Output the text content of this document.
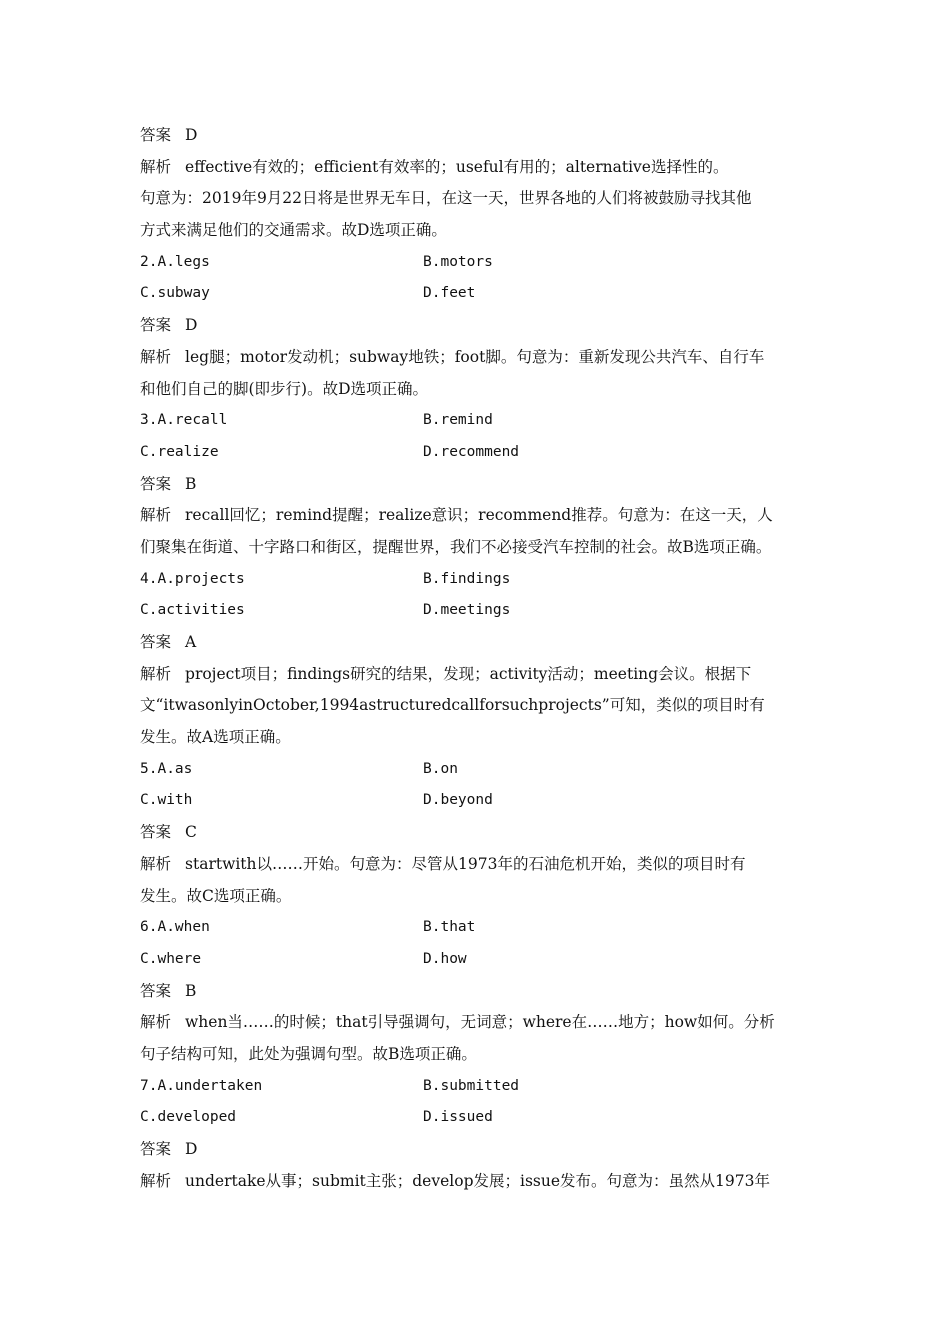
答案 D
解析 effective有效的；efficient有效率的；useful有用的；alternative选择性的。
句意为：2019年9月22日将是世界无车日，在这一天，世界各地的人们将被鼓励寻找其他
方式来满足他们的交通需求。故D选项正确。
2.A.legs	B.motors
C.subway	D.feet
答案 D
解析 leg腿；motor发动机；subway地铁；foot脚。句意为：重新发现公共汽车、自行车
和他们自己的脚(即步行)。故D选项正确。
3.A.recall	B.remind
C.realize	D.recommend
答案 B
解析 recall回忆；remind提醒；realize意识；recommend推荐。句意为：在这一天，人
们聚集在街道、十字路口和街区，提醒世界，我们不必接受汽车控制的社会。故B选项正确。
4.A.projects	B.findings
C.activities	D.meetings
答案 A
解析 project项目；findings研究的结果，发现；activity活动；meeting会议。根据下
文“itwasonlyinOctober,1994astructuredcallforsuchprojects”可知，类似的项目时有
发生。故A选项正确。
5.A.as	B.on
C.with	D.beyond
答案 C
解析 startwith以……开始。句意为：尽管从1973年的石油危机开始，类似的项目时有
发生。故C选项正确。
6.A.when	B.that
C.where	D.how
答案 B
解析 when当……的时候；that引导强调句，无词意；where在……地方；how如何。分析
句子结构可知，此处为强调句型。故B选项正确。
7.A.undertaken	B.submitted
C.developed	D.issued
答案 D
解析 undertake从事；submit主张；develop发展；issue发布。句意为：虽然从1973年
